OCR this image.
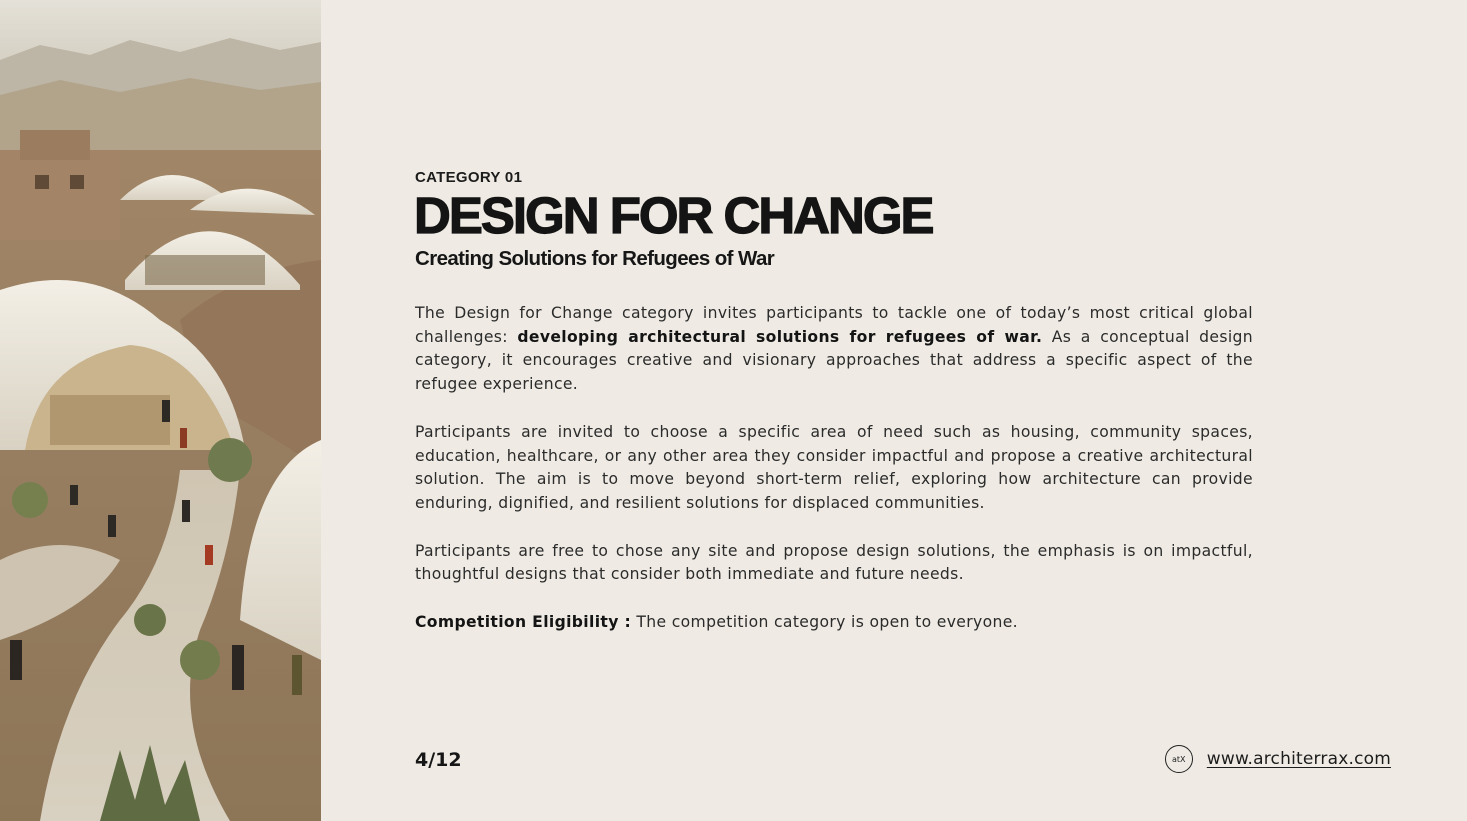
CATEGORY 01

DESIGN FOR CHANGE
Creating Solutions for Refugees of War

The Design for Change category invites participants to tackle one of today’s most critical global challenges: developing architectural solutions for refugees of war. As a conceptual design category, it encourages creative and visionary approaches that address a specific aspect of the refugee experience.

Participants are invited to choose a specific area of need such as housing, community spaces, education, healthcare, or any other area they consider impactful and propose a creative architectural solution. The aim is to move beyond short-term relief, exploring how architecture can provide enduring, dignified, and resilient solutions for displaced communities.

Participants are free to chose any site and propose design solutions, the emphasis is on impactful, thoughtful designs that consider both immediate and future needs.

Competition Eligibility : The competition category is open to everyone.

4/12	atX www.architerrax.com
